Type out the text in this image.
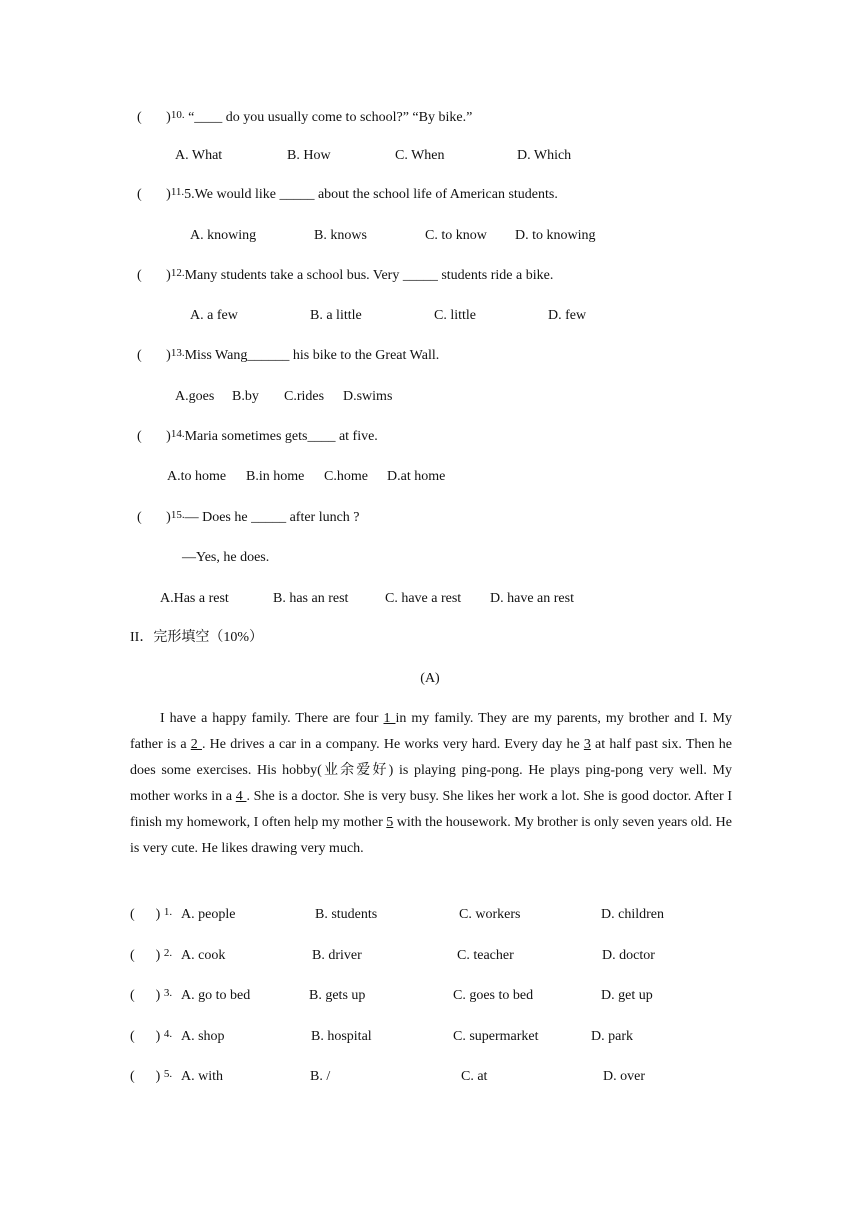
(       )$^{10.}$ “____ do you usually come to school?” “By bike.”
A. What	B. How	C. When	D. Which
(       )$^{11.}$5.We would like _____ about the school life of American students.
A. knowing	B. knows	C. to know D. to knowing
(       )$^{12.}$Many students take a school bus. Very _____ students ride a bike.
A. a few	B. a little	C. little	D. few
(       )$^{13.}$Miss Wang______ his bike to the Great Wall.
A.goes B.by C.rides D.swims
(       )$^{14.}$Maria sometimes gets____ at five.
A.to home B.in home C.home D.at home
(       )$^{15.}$— Does he _____ after lunch ?
—Yes, he does.
A.Has a rest	B. has an rest	C. have a rest D. have an rest
II．完形填空（10%）
(A)
I have a happy family. There are four 1 in my family. They are my parents, my brother and I. My father is a 2 . He drives a car in a company. He works very hard. Every day he 3 at half past six. Then he does some exercises. His hobby(业余爱好) is playing ping-pong. He plays ping-pong very well. My mother works in a 4 . She is a doctor. She is very busy. She likes her work a lot. She is good doctor. After I finish my homework, I often help my mother 5 with the housework. My brother is only seven years old. He is very cute. He likes drawing very much.
(      ) $^{1.}$ A. people	B. students	C. workers	D. children
(      ) $^{2.}$ A. cook	B. driver	C. teacher	D. doctor
(      ) $^{3.}$ A. go to bed	B. gets up	C. goes to bed	D. get up
(      ) $^{4.}$ A. shop	B. hospital	C. supermarket	D. park
(      ) $^{5.}$ A. with	B. /	C. at	D. over
